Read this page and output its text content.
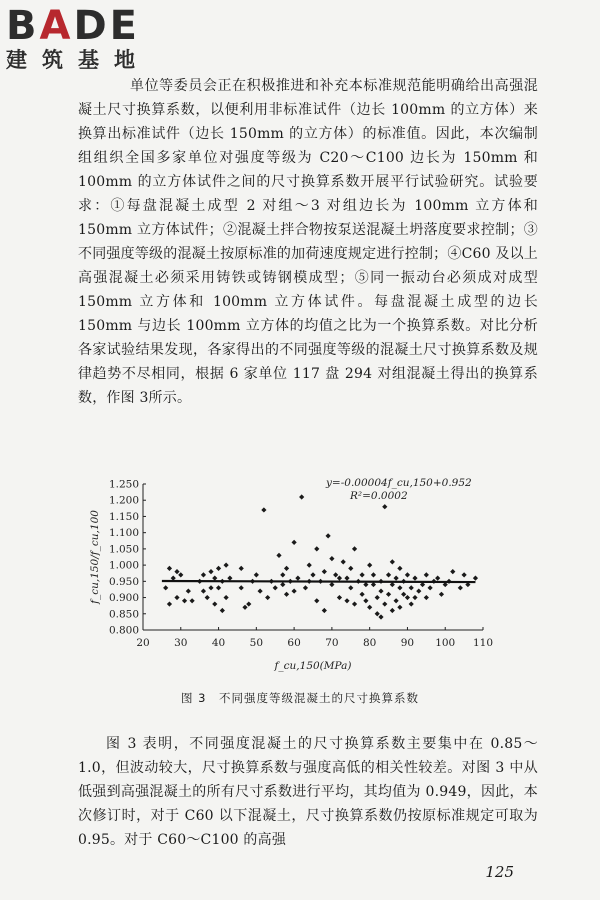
BADE
建筑基地

单位等委员会正在积极推进和补充本标准规范能明确给出高强混凝土尺寸换算系数，以便利用非标准试件（边长 100mm 的立方体）来换算出标准试件（边长 150mm 的立方体）的标准值。因此，本次编制组组织全国多家单位对强度等级为 C20～C100 边长为 150mm 和 100mm 的立方体试件之间的尺寸换算系数开展平行试验研究。试验要求：①每盘混凝土成型 2 对组～3 对组边长为 100mm 立方体和 150mm 立方体试件；②混凝土拌合物按泵送混凝土坍落度要求控制；③不同强度等级的混凝土按原标准的加荷速度规定进行控制；④C60 及以上高强混凝土必须采用铸铁或铸钢模成型；⑤同一振动台必须成对成型 150mm 立方体和 100mm 立方体试件。每盘混凝土成型的边长 150mm 与边长 100mm 立方体的均值之比为一个换算系数。对比分析各家试验结果发现，各家得出的不同强度等级的混凝土尺寸换算系数及规律趋势不尽相同，根据 6 家单位 117 盘 294 对组混凝土得出的换算系数，作图 3所示。

0.800
0.850
0.900
0.950
1.000
1.050
1.100
1.150
1.200
1.250
20 30 40 50 60 70 80 90 100 110
y=-0.00004f_cu,150+0.952
R²=0.0002
f_cu,150(MPa)
f_cu,150/f_cu,100
图 3　不同强度等级混凝土的尺寸换算系数

图 3 表明，不同强度混凝土的尺寸换算系数主要集中在 0.85～1.0，但波动较大，尺寸换算系数与强度高低的相关性较差。对图 3 中从低强到高强混凝土的所有尺寸系数进行平均，其均值为 0.949，因此，本次修订时，对于 C60 以下混凝土，尺寸换算系数仍按原标准规定可取为 0.95。对于 C60～C100 的高强

125
